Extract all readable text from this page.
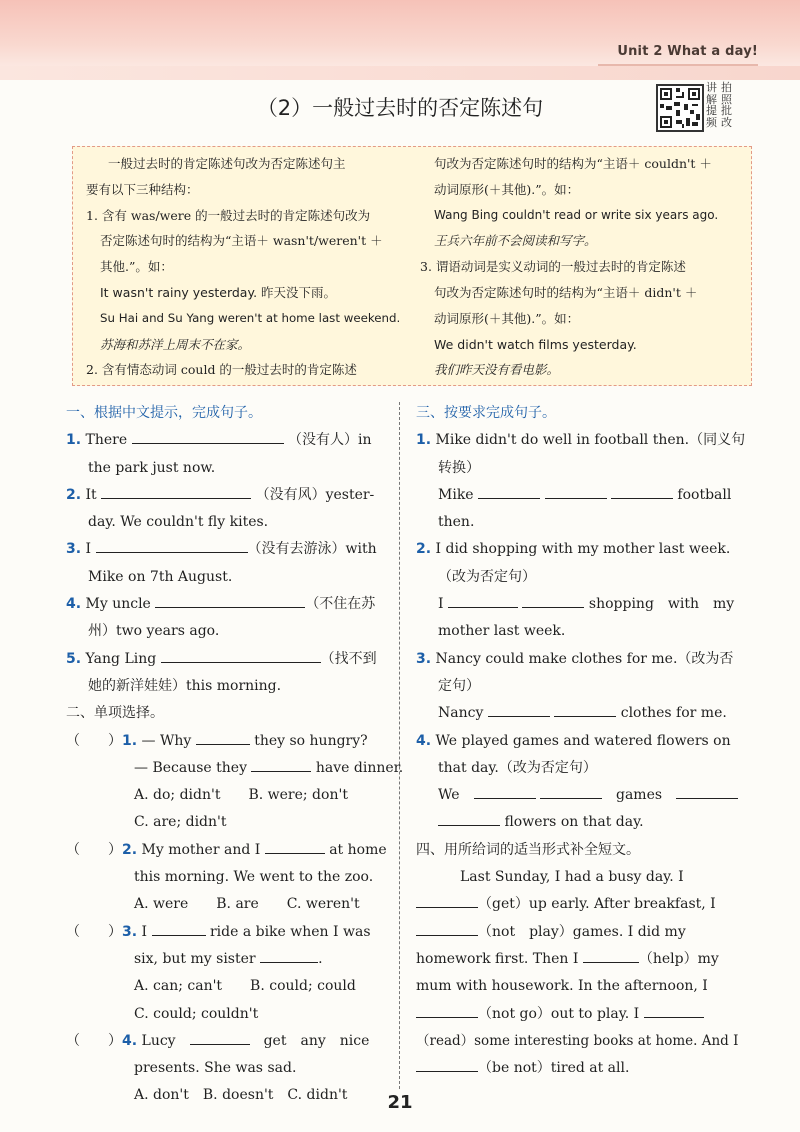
Unit 2 What a day!
（2）一般过去时的否定陈述句
讲
解
提
频
拍
照
批
改

一般过去时的肯定陈述句改为否定陈述句主

要有以下三种结构：

1. 含有 was/were 的一般过去时的肯定陈述句改为

否定陈述句时的结构为“主语＋ wasn't/weren't ＋

其他.”。如：

It wasn't rainy yesterday. 昨天没下雨。

Su Hai and Su Yang weren't at home last weekend.

苏海和苏洋上周末不在家。

2. 含有情态动词 could 的一般过去时的肯定陈述

句改为否定陈述句时的结构为“主语＋ couldn't ＋

动词原形(＋其他).”。如：

Wang Bing couldn't read or write six years ago.

王兵六年前不会阅读和写字。

3. 谓语动词是实义动词的一般过去时的肯定陈述

句改为否定陈述句时的结构为“主语＋ didn't ＋

动词原形(＋其他).”。如：

We didn't watch films yesterday.

我们昨天没有看电影。

一、根据中文提示，完成句子。

1. There	（没有人）in

the park just now.

2. It	（没有风）yester-

day. We couldn't fly kites.

3. I	（没有去游泳）with

Mike on 7th August.

4. My uncle	（不住在苏

州）two years ago.

5. Yang Ling	（找不到

她的新洋娃娃）this morning.

二、单项选择。

（　　）1. — Why	they so hungry?

— Because they	have dinner.

A. do; didn't　　B. were; don't

C. are; didn't

（　　）2. My mother and I	at home

this morning. We went to the zoo.

A. were　　B. are　　C. weren't

（　　）3. I	ride a bike when I was

six, but my sister	.

A. can; can't　　B. could; could

C. could; couldn't

（　　）4. Lucy　　	get　any　nice

presents. She was sad.

A. don't　B. doesn't　C. didn't

三、按要求完成句子。

1. Mike didn't do well in football then.（同义句

转换）

Mike	football

then.

2. I did shopping with my mother last week.

（改为否定句）

I	shopping　with　my

mother last week.

3. Nancy could make clothes for me.（改为否

定句）

Nancy	clothes for me.

4. We played games and watered flowers on

that day.（改为否定句）

We　 　	games　

flowers on that day.

四、用所给词的适当形式补全短文。

Last Sunday, I had a busy day. I

（get）up early. After breakfast, I

（not　play）games. I did my

homework first. Then I	（help）my

mum with housework. In the afternoon, I

（not go）out to play. I

（read）some interesting books at home. And I

（be not）tired at all.

21
